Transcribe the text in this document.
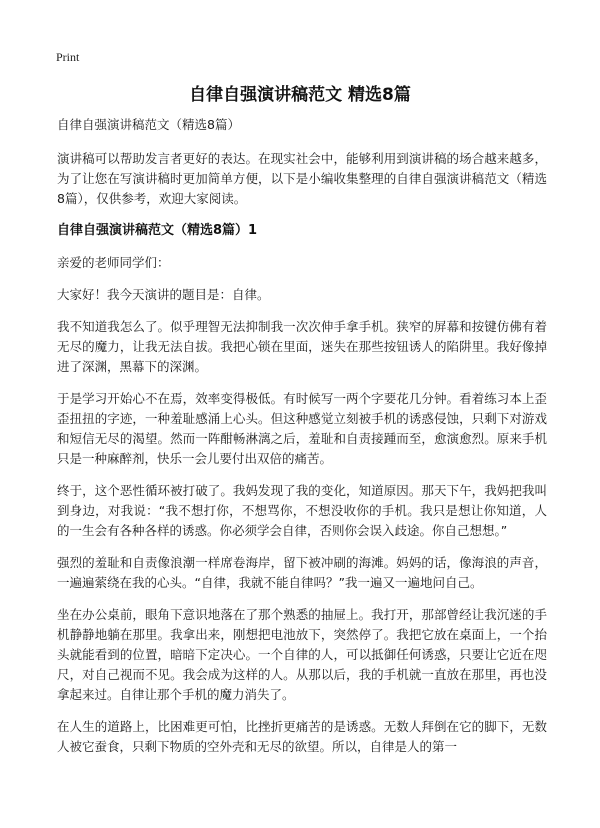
Print
自律自强演讲稿范文 精选8篇

自律自强演讲稿范文（精选8篇）

演讲稿可以帮助发言者更好的表达。在现实社会中，能够利用到演讲稿的场合越来越多，为了让您在写演讲稿时更加简单方便，以下是小编收集整理的自律自强演讲稿范文（精选8篇），仅供参考，欢迎大家阅读。

自律自强演讲稿范文（精选8篇）1

亲爱的老师同学们：

大家好！我今天演讲的题目是：自律。

我不知道我怎么了。似乎理智无法抑制我一次次伸手拿手机。狭窄的屏幕和按键仿佛有着无尽的魔力，让我无法自拔。我把心锁在里面，迷失在那些按钮诱人的陷阱里。我好像掉进了深渊，黑幕下的深渊。

于是学习开始心不在焉，效率变得极低。有时候写一两个字要花几分钟。看着练习本上歪歪扭扭的字迹，一种羞耻感涌上心头。但这种感觉立刻被手机的诱惑侵蚀，只剩下对游戏和短信无尽的渴望。然而一阵酣畅淋漓之后，羞耻和自责接踵而至，愈演愈烈。原来手机只是一种麻醉剂，快乐一会儿要付出双倍的痛苦。

终于，这个恶性循环被打破了。我妈发现了我的变化，知道原因。那天下午，我妈把我叫到身边，对我说：“我不想打你，不想骂你，不想没收你的手机。我只是想让你知道，人的一生会有各种各样的诱惑。你必须学会自律，否则你会误入歧途。你自己想想。”

强烈的羞耻和自责像浪潮一样席卷海岸，留下被冲刷的海滩。妈妈的话，像海浪的声音，一遍遍萦绕在我的心头。“自律，我就不能自律吗？”我一遍又一遍地问自己。

坐在办公桌前，眼角下意识地落在了那个熟悉的抽屉上。我打开，那部曾经让我沉迷的手机静静地躺在那里。我拿出来，刚想把电池放下，突然停了。我把它放在桌面上，一个抬头就能看到的位置，暗暗下定决心。一个自律的人，可以抵御任何诱惑，只要让它近在咫尺，对自己视而不见。我会成为这样的人。从那以后，我的手机就一直放在那里，再也没拿起来过。自律让那个手机的魔力消失了。

在人生的道路上，比困难更可怕，比挫折更痛苦的是诱惑。无数人拜倒在它的脚下，无数人被它蚕食，只剩下物质的空外壳和无尽的欲望。所以，自律是人的第一
